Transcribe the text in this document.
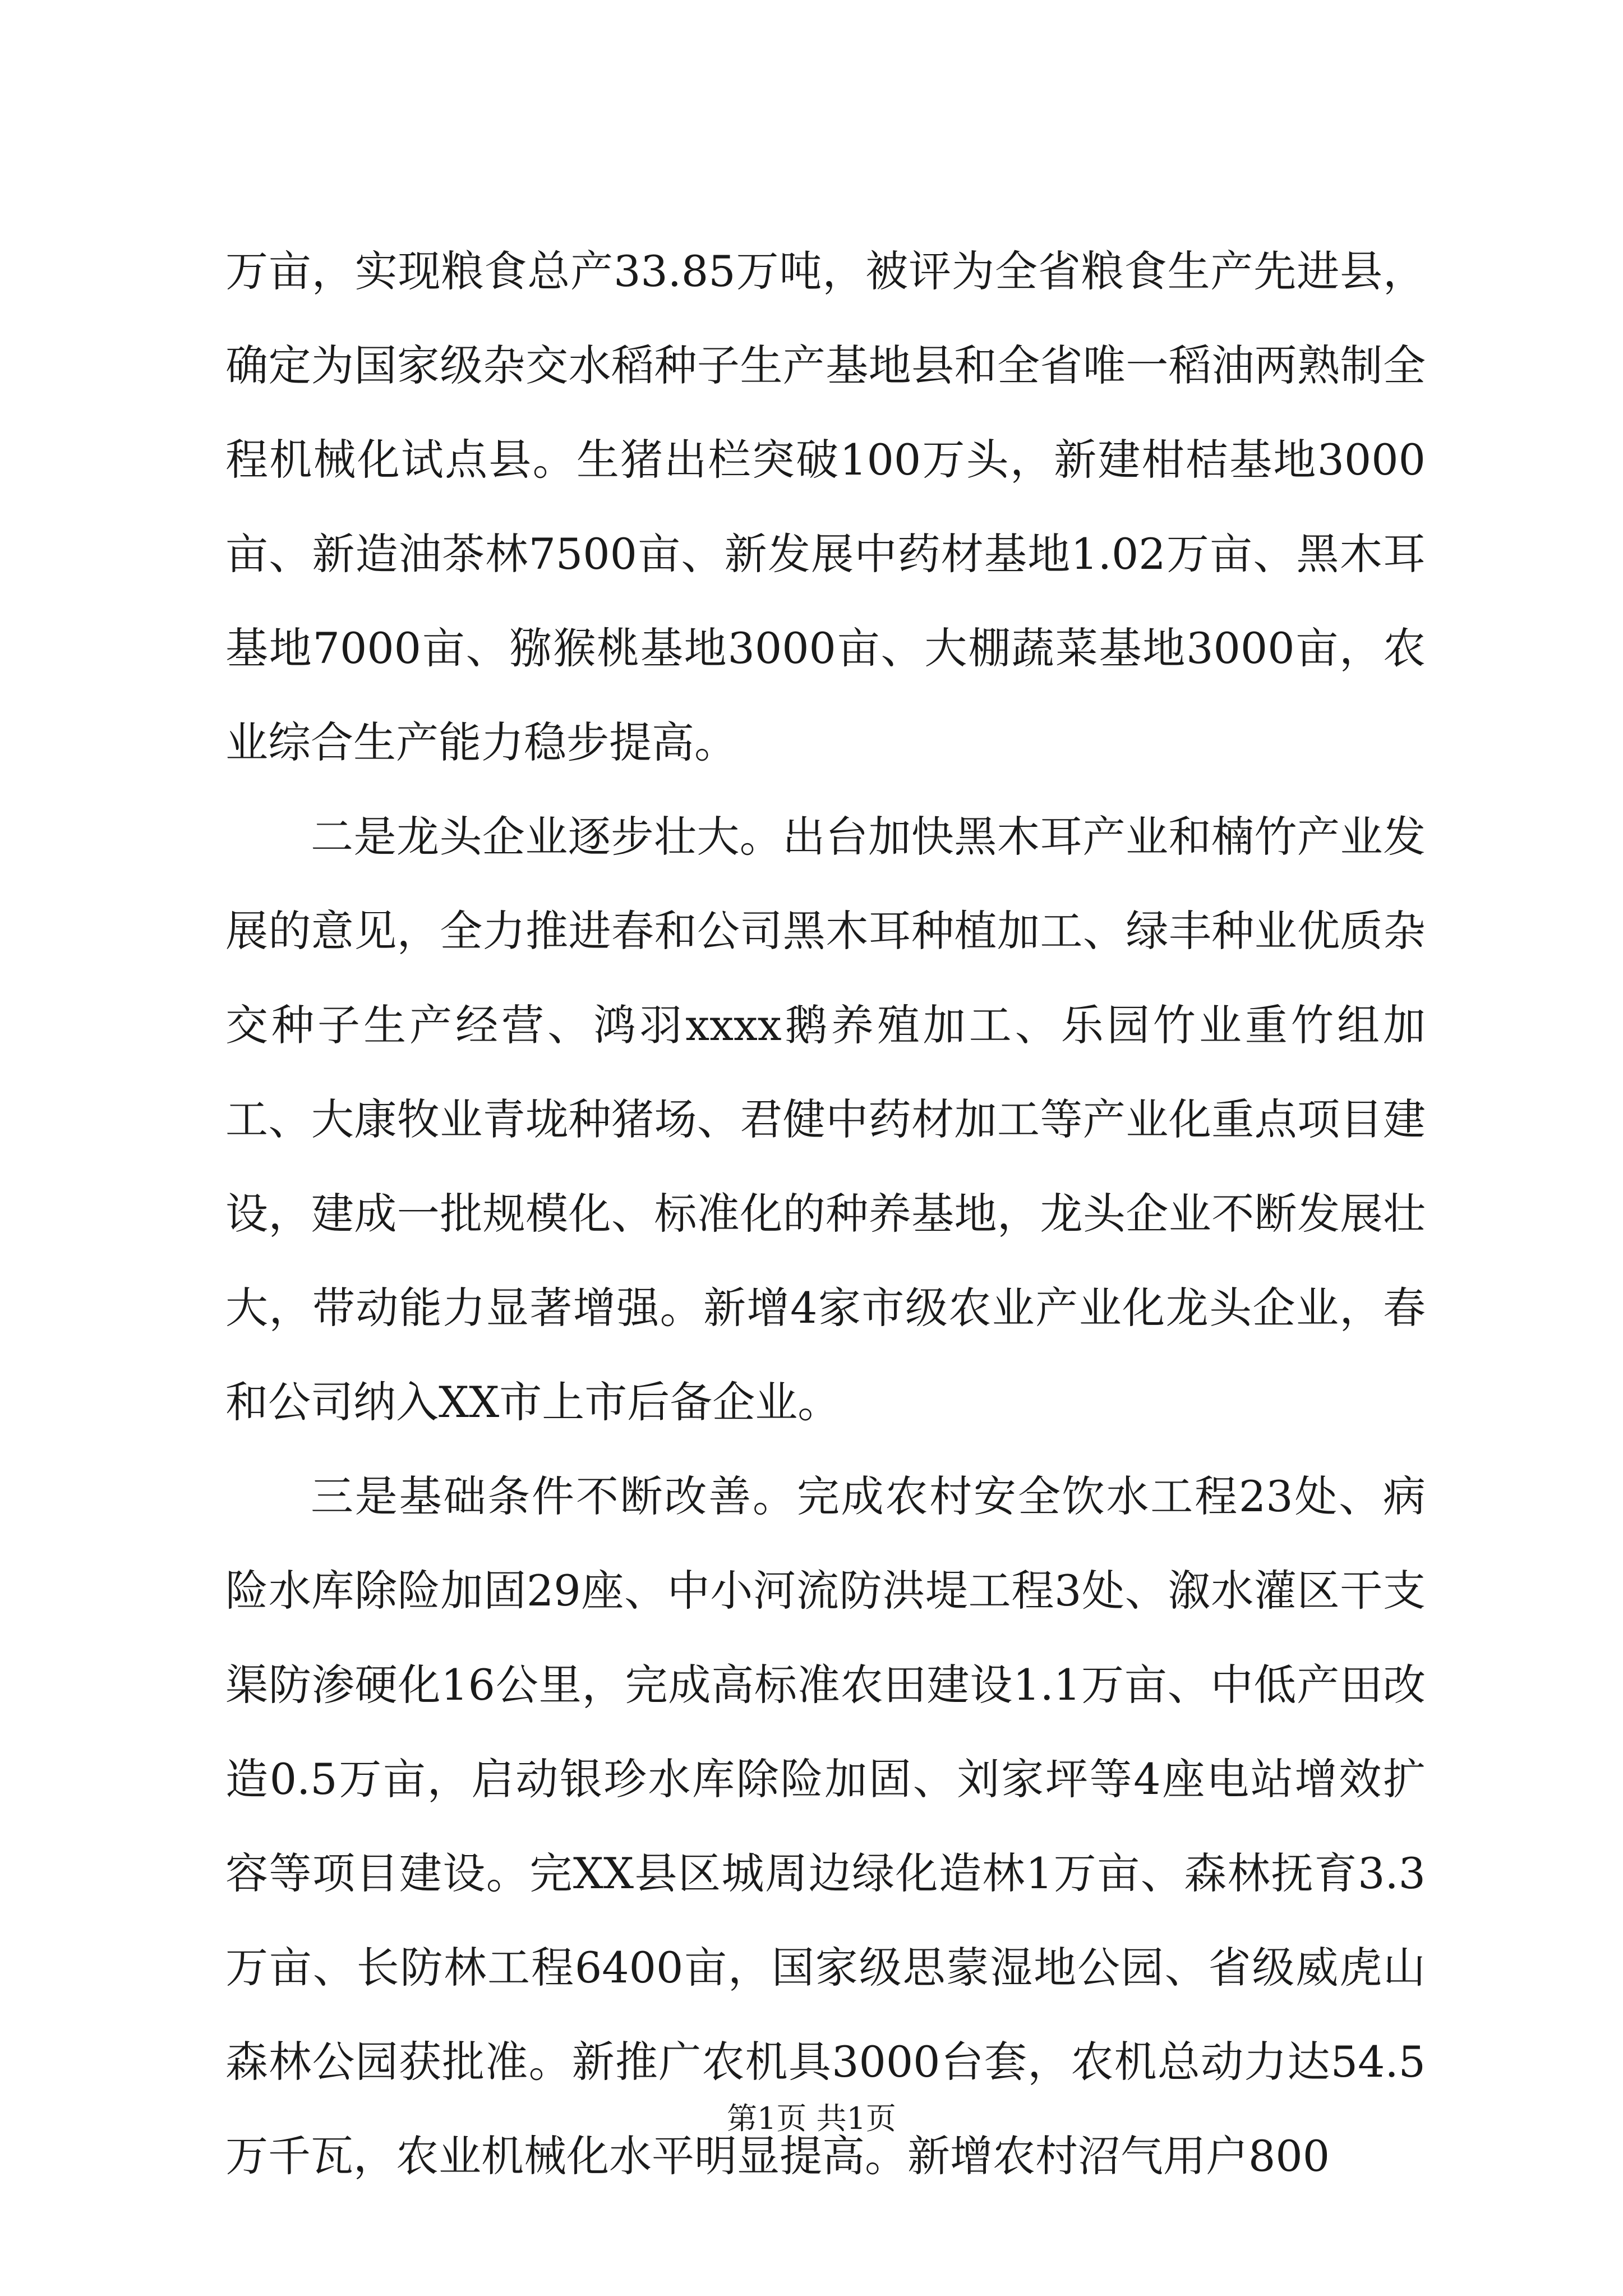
万亩，实现粮食总产33.85万吨，被评为全省粮食生产先进县，确定为国家级杂交水稻种子生产基地县和全省唯一稻油两熟制全程机械化试点县。生猪出栏突破100万头，新建柑桔基地3000亩、新造油茶林7500亩、新发展中药材基地1.02万亩、黑木耳基地7000亩、猕猴桃基地3000亩、大棚蔬菜基地3000亩，农业综合生产能力稳步提高。

二是龙头企业逐步壮大。出台加快黑木耳产业和楠竹产业发展的意见，全力推进春和公司黑木耳种植加工、绿丰种业优质杂交种子生产经营、鸿羽xxxx鹅养殖加工、乐园竹业重竹组加工、大康牧业青垅种猪场、君健中药材加工等产业化重点项目建设，建成一批规模化、标准化的种养基地，龙头企业不断发展壮大，带动能力显著增强。新增4家市级农业产业化龙头企业，春和公司纳入XX市上市后备企业。

三是基础条件不断改善。完成农村安全饮水工程23处、病险水库除险加固29座、中小河流防洪堤工程3处、溆水灌区干支渠防渗硬化16公里，完成高标准农田建设1.1万亩、中低产田改造0.5万亩，启动银珍水库除险加固、刘家坪等4座电站增效扩容等项目建设。完XX县区城周边绿化造林1万亩、森林抚育3.3万亩、长防林工程6400亩，国家级思蒙湿地公园、省级威虎山森林公园获批准。新推广农机具3000台套，农机总动力达54.5万千瓦，农业机械化水平明显提高。新增农村沼气用户800

第1页 共1页
